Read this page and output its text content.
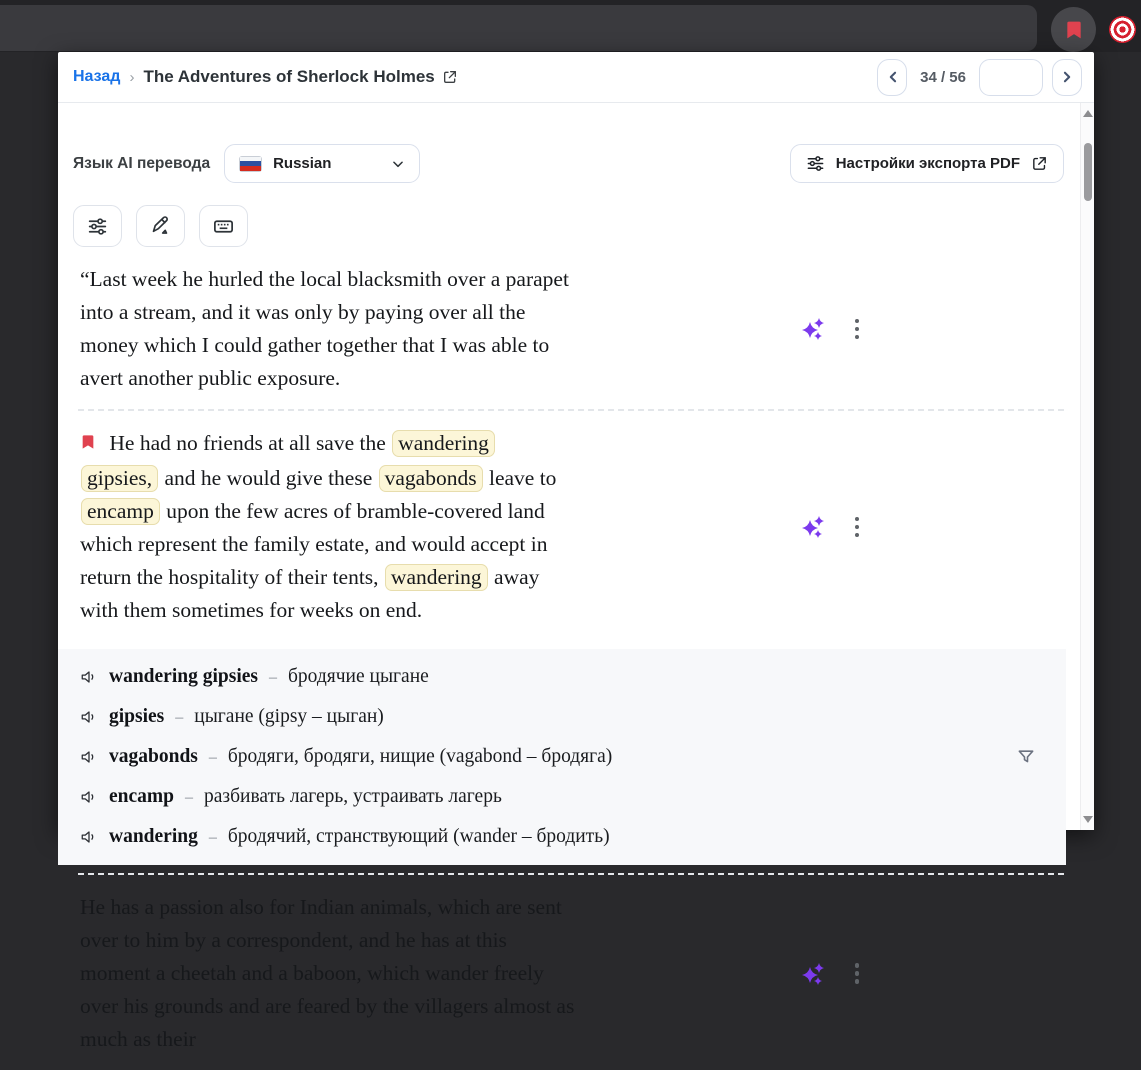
Назад › The Adventures of Sherlock Holmes	34 / 56
Язык AI перевода	Russian	Настройки экспорта PDF
“Last week he hurled the local blacksmith over a parapet into a stream, and it was only by paying over all the money which I could gather together that I was able to avert another public exposure.
He had no friends at all save the wandering gipsies, and he would give these vagabonds leave to encamp upon the few acres of bramble-covered land which represent the family estate, and would accept in return the hospitality of their tents, wandering away with them sometimes for weeks on end.
wandering gipsies – бродячие цыгане
gipsies – цыгане (gipsy – цыган)
vagabonds – бродяги, бродяги, нищие (vagabond – бродяга)
encamp – разбивать лагерь, устраивать лагерь
wandering – бродячий, странствующий (wander – бродить)
He has a passion also for Indian animals, which are sent over to him by a correspondent, and he has at this moment a cheetah and a baboon, which wander freely over his grounds and are feared by the villagers almost as much as their
